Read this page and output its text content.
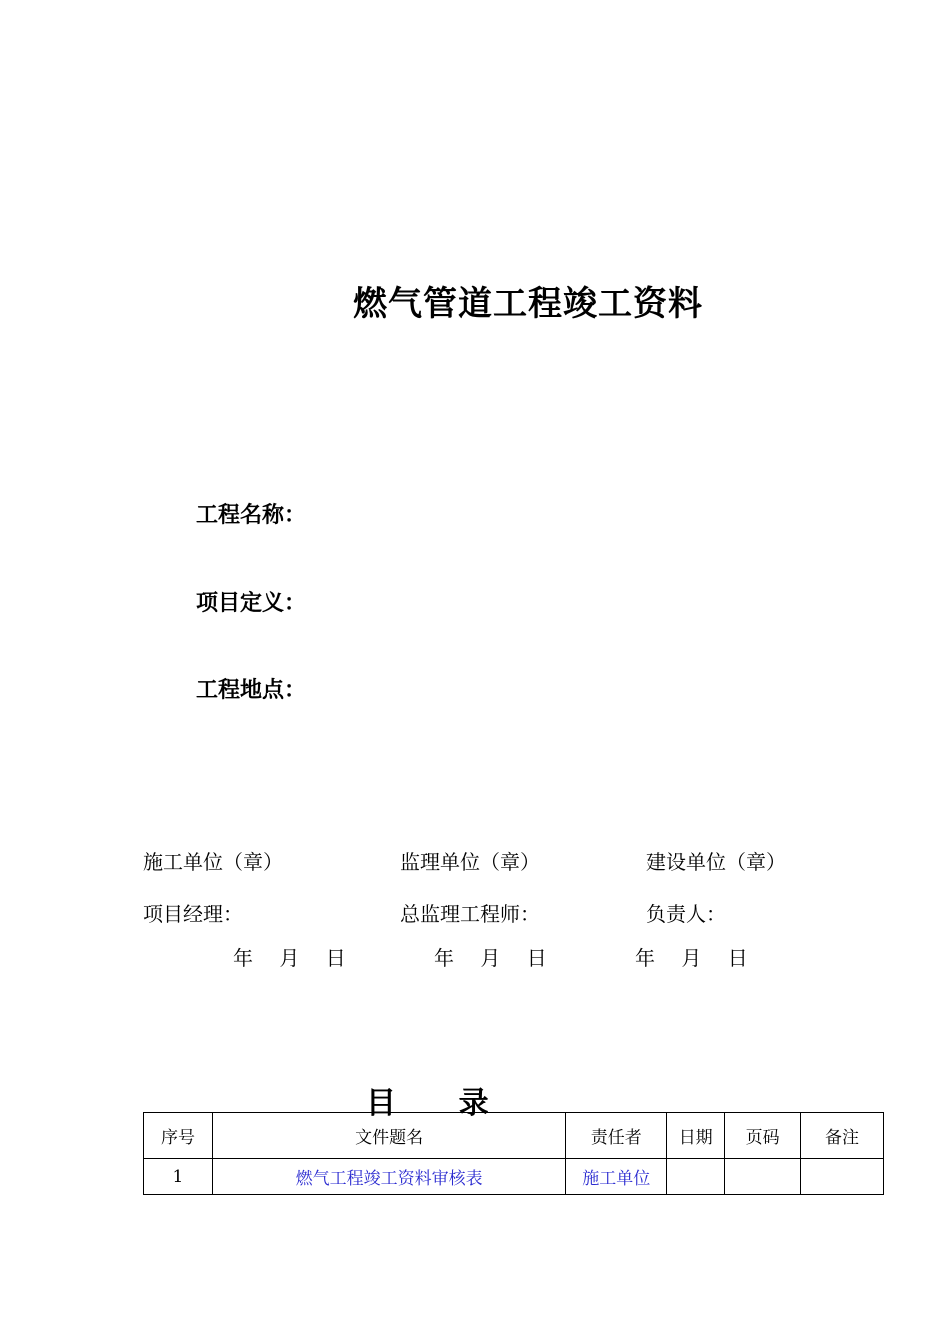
燃气管道工程竣工资料
工程名称：
项目定义：
工程地点：
施工单位（章）	监理单位（章）	建设单位（章）
项目经理：	总监理工程师：	负责人：
年　 月　 日	年　 月　 日	年　 月　 日
目      录
序号	文件题名	责任者	日期	页码	备注
1	燃气工程竣工资料审核表	施工单位			
